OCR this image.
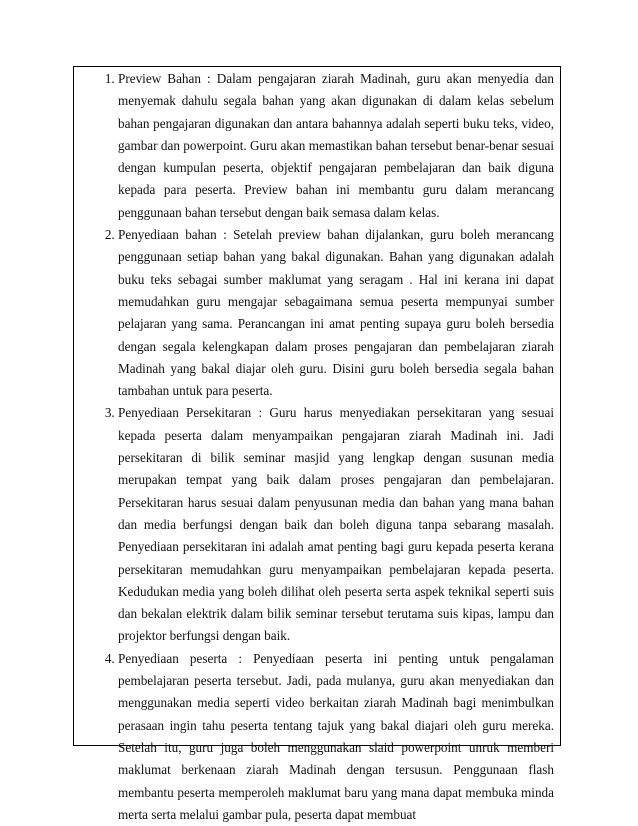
1. Preview Bahan : Dalam pengajaran ziarah Madinah, guru akan menyedia dan menyemak dahulu segala bahan yang akan digunakan di dalam kelas sebelum bahan pengajaran digunakan dan antara bahannya adalah seperti buku teks, video, gambar dan powerpoint. Guru akan memastikan bahan tersebut benar-benar sesuai dengan kumpulan peserta, objektif pengajaran pembelajaran dan baik diguna kepada para peserta. Preview bahan ini membantu guru dalam merancang penggunaan bahan tersebut dengan baik semasa dalam kelas.

2. Penyediaan bahan : Setelah preview bahan dijalankan, guru boleh merancang penggunaan setiap bahan yang bakal digunakan. Bahan yang digunakan adalah buku teks sebagai sumber maklumat yang seragam . Hal ini kerana ini dapat memudahkan guru mengajar sebagaimana semua peserta mempunyai sumber pelajaran yang sama. Perancangan ini amat penting supaya guru boleh bersedia dengan segala kelengkapan dalam proses pengajaran dan pembelajaran ziarah Madinah yang bakal diajar oleh guru. Disini guru boleh bersedia segala bahan tambahan untuk para peserta.

3. Penyediaan Persekitaran : Guru harus menyediakan persekitaran yang sesuai kepada peserta dalam menyampaikan pengajaran ziarah Madinah ini. Jadi persekitaran di bilik seminar masjid yang lengkap dengan susunan media merupakan tempat yang baik dalam proses pengajaran dan pembelajaran. Persekitaran harus sesuai dalam penyusunan media dan bahan yang mana bahan dan media berfungsi dengan baik dan boleh diguna tanpa sebarang masalah. Penyediaan persekitaran ini adalah amat penting bagi guru kepada peserta kerana persekitaran memudahkan guru menyampaikan pembelajaran kepada peserta. Kedudukan media yang boleh dilihat oleh peserta serta aspek teknikal seperti suis dan bekalan elektrik dalam bilik seminar tersebut terutama suis kipas, lampu dan projektor berfungsi dengan baik.

4. Penyediaan peserta : Penyediaan peserta ini penting untuk pengalaman pembelajaran peserta tersebut. Jadi, pada mulanya, guru akan menyediakan dan menggunakan media seperti video berkaitan ziarah Madinah bagi menimbulkan perasaan ingin tahu peserta tentang tajuk yang bakal diajari oleh guru mereka. Setelah itu, guru juga boleh menggunakan slaid powerpoint unruk memberi maklumat berkenaan ziarah Madinah dengan tersusun. Penggunaan flash membantu peserta memperoleh maklumat baru yang mana dapat membuka minda merta serta melalui gambar pula, peserta dapat membuat
